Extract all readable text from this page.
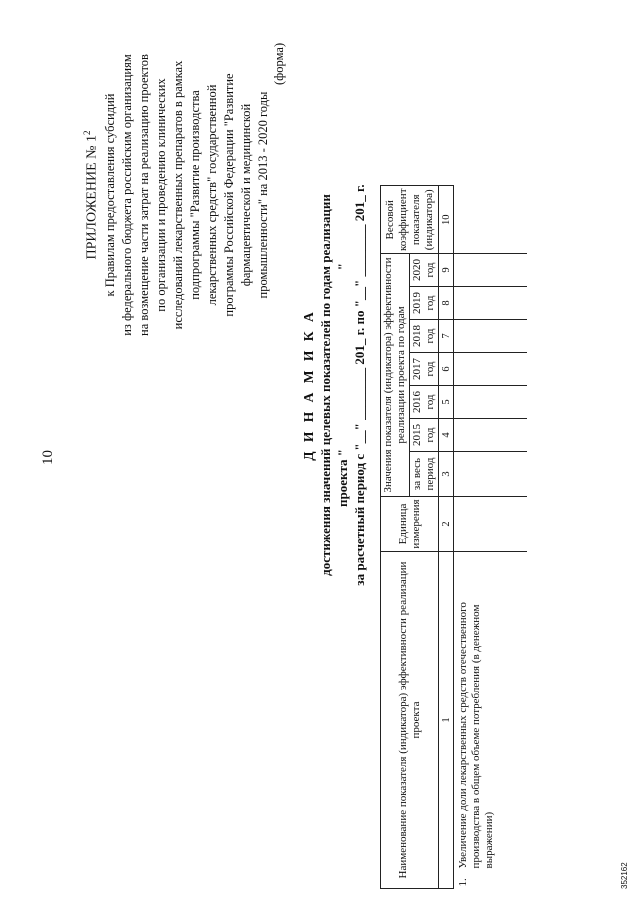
10
ПРИЛОЖЕНИЕ № $1^2$ к Правилам предоставления субсидий из федерального бюджета российским организациям на возмещение части затрат на реализацию проектов по организации и проведению клинических исследований лекарственных препаратов в рамках подпрограммы "Развитие производства лекарственных средств" государственной программы Российской Федерации "Развитие фармацевтической и медицинской промышленности" на 2013 - 2020 годы
(форма)
Д И Н А М И К А достижения значений целевых показателей по годам реализации проекта "                                                       " за расчетный период с "__" ________ 201_ г. по "__" ________ 201_ г.
Наименование показателя (индикатора) эффективности реализации проекта	Единица измерения	Значения показателя (индикатора) эффективности реализации проекта по годам							Весовой коэффициент показателя (индикатора)
		за весь период	2015 год	2016 год	2017 год	2018 год	2019 год	2020 год	
1	2	3	4	5	6	7	8	9	10
1.Увеличение доли лекарственных средств отечественного производства в общем объеме потребления (в денежном выражении)									
352162
